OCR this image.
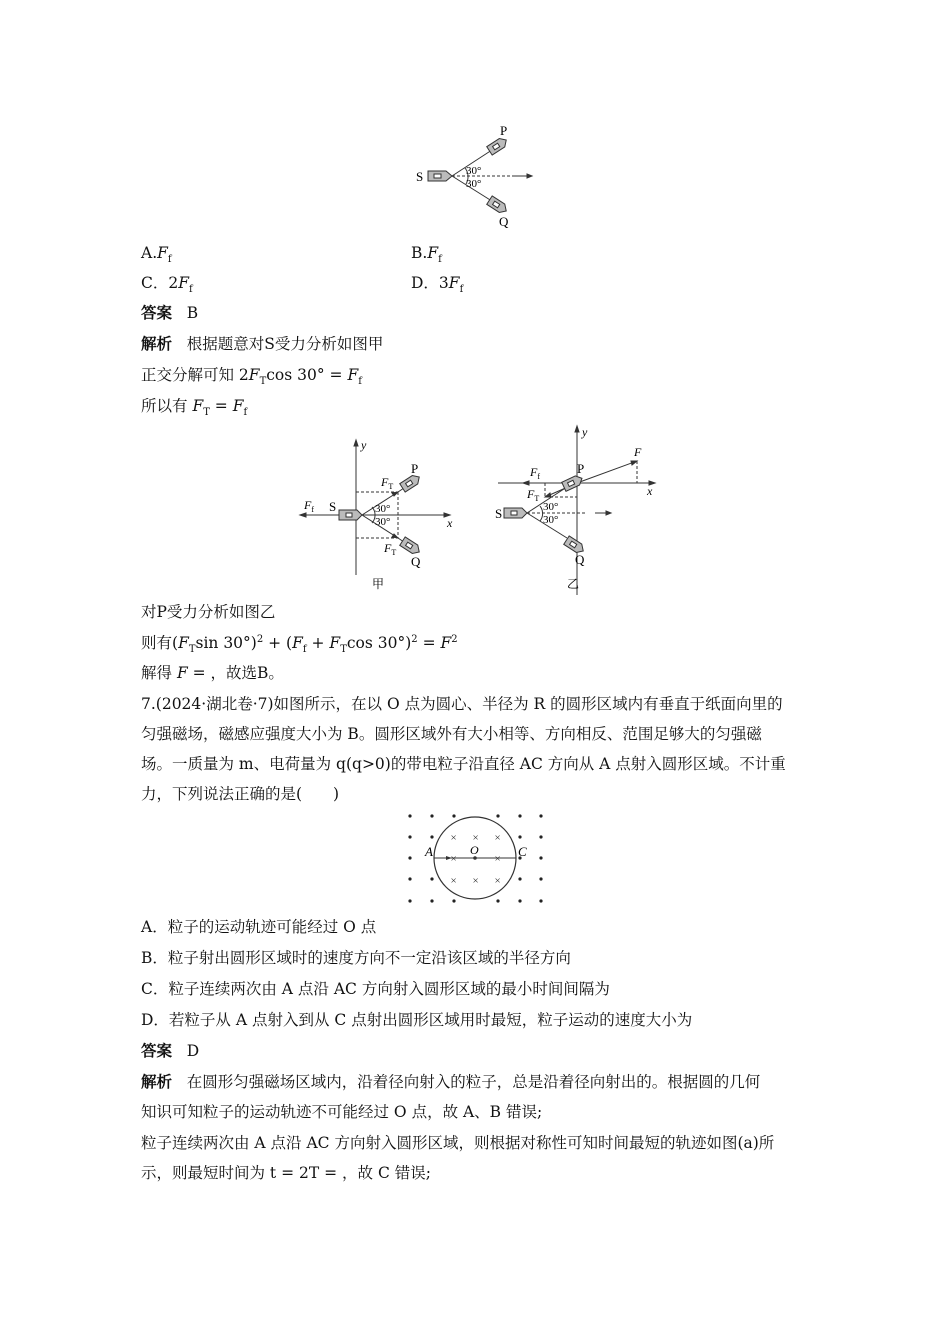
P
S
Q
30°
30°
$A.F_f$	$B.F_f$
C．$2F_f$	D．$3F_f$
答案 B
解析 根据题意对S受力分析如图甲
正交分解可知 $2F_T\cos$ $30^\circ = F_f$
所以有 $F_T = F_f$
y
x
S
P
Q
$F_f$
$F_T$
$F_T$
30°
30°
甲
y
x
S
P
Q
F
$F_f$
$F_T$
30°
30°
乙
对P受力分析如图乙
则有($F_T\sin$ $30^\circ)^2 + (F_f + F_T\cos$ $30^\circ)^2 = F^2$
解得 F = ，故选B。
7.(2024·湖北卷·7)如图所示，在以 O 点为圆心、半径为 R 的圆形区域内有垂直于纸面向里的
匀强磁场，磁感应强度大小为 B。圆形区域外有大小相等、方向相反、范围足够大的匀强磁
场。一质量为 m、电荷量为 q(q>0)的带电粒子沿直径 AC 方向从 A 点射入圆形区域。不计重
力，下列说法正确的是(　　)
× × ×
×	×
× × ×
A	O	C
A．粒子的运动轨迹可能经过 O 点
B．粒子射出圆形区域时的速度方向不一定沿该区域的半径方向
C．粒子连续两次由 A 点沿 AC 方向射入圆形区域的最小时间间隔为
D．若粒子从 A 点射入到从 C 点射出圆形区域用时最短，粒子运动的速度大小为
答案 D
解析 在圆形匀强磁场区域内，沿着径向射入的粒子，总是沿着径向射出的。根据圆的几何
知识可知粒子的运动轨迹不可能经过 O 点，故 A、B 错误;
粒子连续两次由 A 点沿 AC 方向射入圆形区域，则根据对称性可知时间最短的轨迹如图(a)所
示，则最短时间为 t = 2T = ，故 C 错误;
